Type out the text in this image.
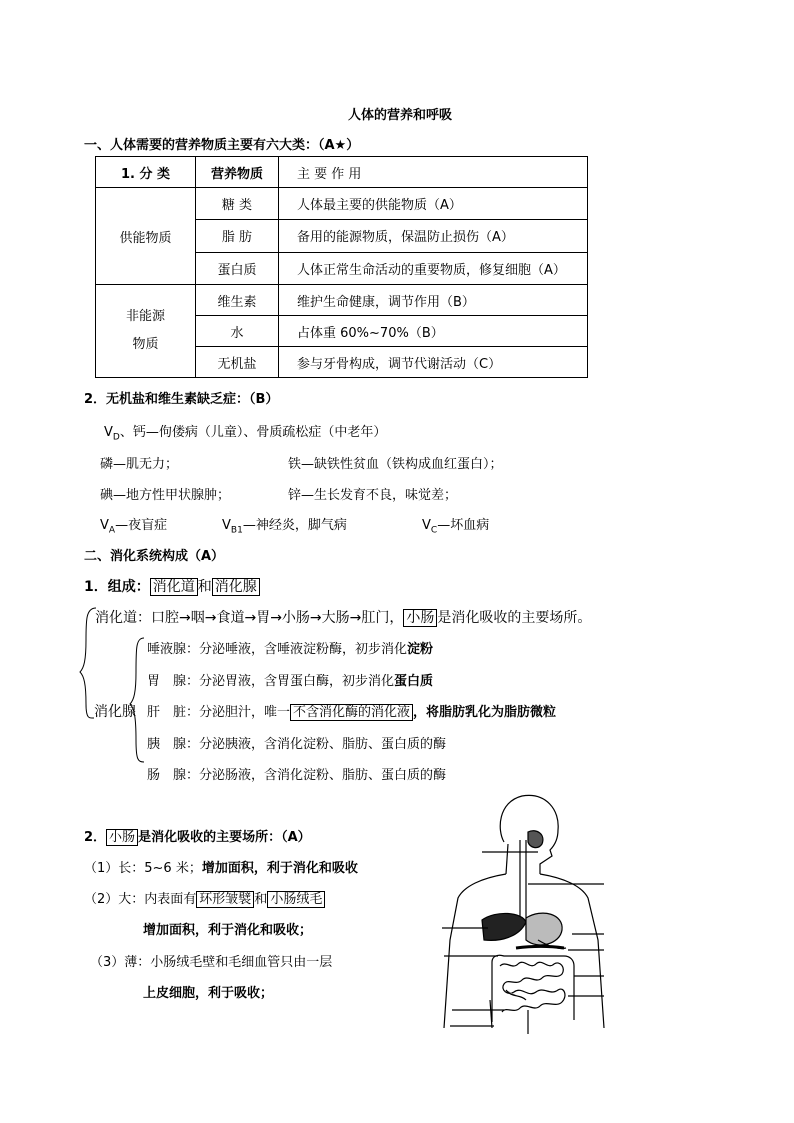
人体的营养和呼吸
一、人体需要的营养物质主要有六大类：（A★）
1. 分 类	营养物质	主 要 作 用
供能物质	糖 类	人体最主要的供能物质（A）
	脂 肪	备用的能源物质，保温防止损伤（A）
	蛋白质	人体正常生命活动的重要物质，修复细胞（A）

非能源
物质	维生素	维护生命健康，调节作用（B）
	水	占体重 60%~70%（B）
	无机盐	参与牙骨构成，调节代谢活动（C）
2．无机盐和维生素缺乏症：（B）
$V_D$、钙—佝偻病（儿童）、骨质疏松症（中老年）
磷—肌无力；	铁—缺铁性贫血（铁构成血红蛋白）；
碘—地方性甲状腺肿；	锌—生长发育不良，味觉差；
$V_A—$夜盲症	$V_{B1}—$神经炎，脚气病	$V_C—$坏血病
二、消化系统构成（A）
1．组成： 消化道 和 消化腺
消化道：口腔→咽→食道→胃→小肠→大肠→肛门， 小肠 是消化吸收的主要场所。
消化腺
唾液腺：分泌唾液，含唾液淀粉酶，初步消化淀粉
胃　腺：分泌胃液，含胃蛋白酶，初步消化蛋白质
肝　脏：分泌胆汁，唯一 不含消化酶的消化液 ，将脂肪乳化为脂肪微粒
胰　腺：分泌胰液，含消化淀粉、脂肪、蛋白质的酶
肠　腺：分泌肠液，含消化淀粉、脂肪、蛋白质的酶
2． 小肠 是消化吸收的主要场所：（A）
（1）长：5~6 米；增加面积，利于消化和吸收
（2）大：内表面有 环形皱襞 和 小肠绒毛
增加面积，利于消化和吸收；
（3）薄：小肠绒毛壁和毛细血管只由一层
上皮细胞，利于吸收；
